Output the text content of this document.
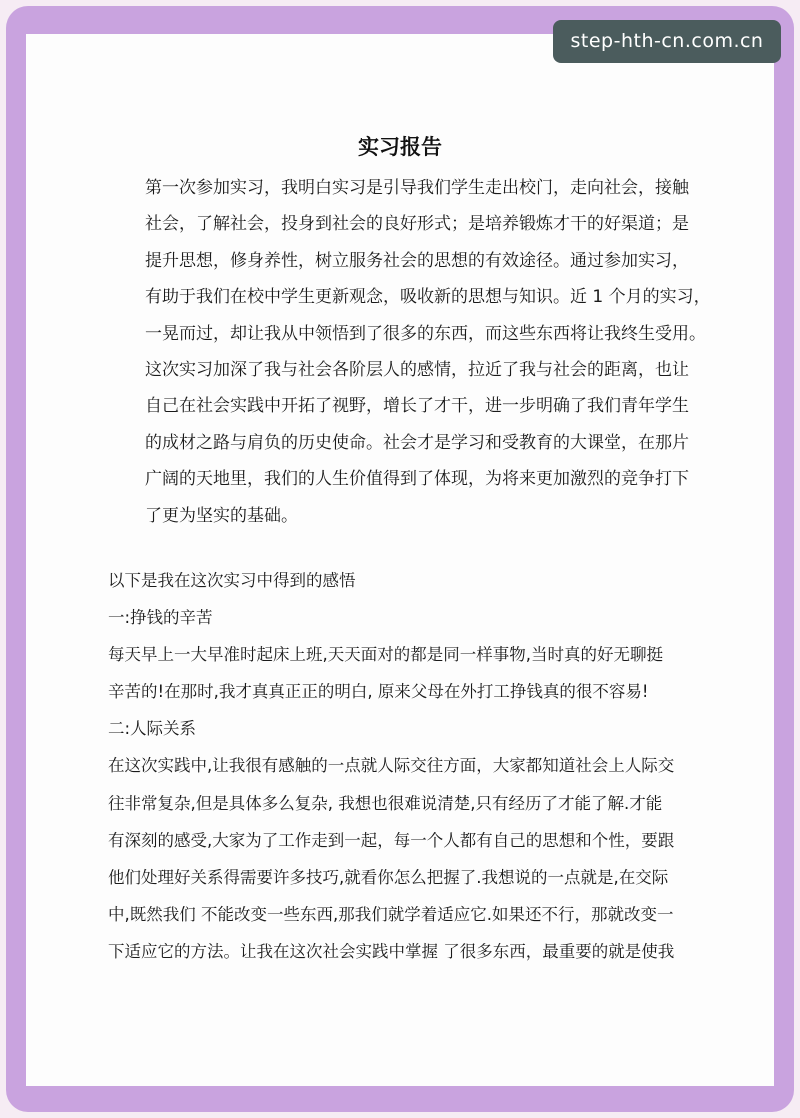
step-hth-cn.com.cn
实习报告
第一次参加实习，我明白实习是引导我们学生走出校门，走向社会，接触
社会，了解社会，投身到社会的良好形式；是培养锻炼才干的好渠道；是
提升思想，修身养性，树立服务社会的思想的有效途径。通过参加实习，
有助于我们在校中学生更新观念，吸收新的思想与知识。近 1 个月的实习，
一晃而过，却让我从中领悟到了很多的东西，而这些东西将让我终生受用。
这次实习加深了我与社会各阶层人的感情，拉近了我与社会的距离，也让
自己在社会实践中开拓了视野，增长了才干，进一步明确了我们青年学生
的成材之路与肩负的历史使命。社会才是学习和受教育的大课堂，在那片
广阔的天地里，我们的人生价值得到了体现，为将来更加激烈的竞争打下
了更为坚实的基础。
以下是我在这次实习中得到的感悟
一:挣钱的辛苦
每天早上一大早准时起床上班,天天面对的都是同一样事物,当时真的好无聊挺
辛苦的!在那时,我才真真正正的明白, 原来父母在外打工挣钱真的很不容易!
二:人际关系
在这次实践中,让我很有感触的一点就人际交往方面，大家都知道社会上人际交
往非常复杂,但是具体多么复杂, 我想也很难说清楚,只有经历了才能了解.才能
有深刻的感受,大家为了工作走到一起，每一个人都有自己的思想和个性，要跟
他们处理好关系得需要许多技巧,就看你怎么把握了.我想说的一点就是,在交际
中,既然我们 不能改变一些东西,那我们就学着适应它.如果还不行，那就改变一
下适应它的方法。让我在这次社会实践中掌握 了很多东西，最重要的就是使我
